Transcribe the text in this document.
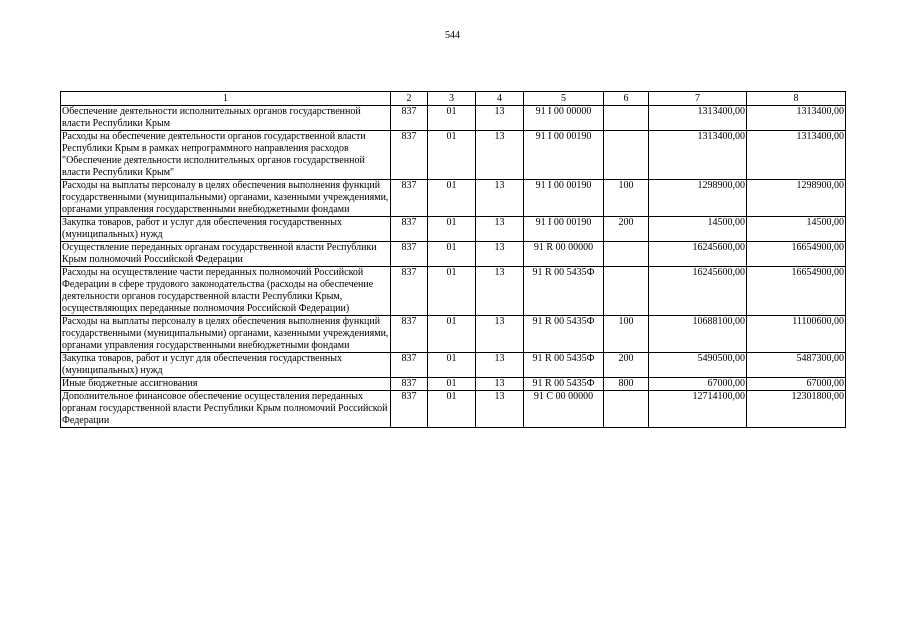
544
1	2	3	4	5	6	7	8
Обеспечение деятельности исполнительных органов государственной власти Республики Крым	837	01	13	91 I 00 00000		1313400,00	1313400,00
Расходы на обеспечение деятельности органов государственной власти Республики Крым в рамках непрограммного направления расходов "Обеспечение деятельности исполнительных органов государственной власти Республики Крым"	837	01	13	91 I 00 00190		1313400,00	1313400,00
Расходы на выплаты персоналу в целях обеспечения выполнения функций государственными (муниципальными) органами, казенными учреждениями, органами управления государственными внебюджетными фондами	837	01	13	91 I 00 00190	100	1298900,00	1298900,00
Закупка товаров, работ и услуг для обеспечения государственных (муниципальных) нужд	837	01	13	91 I 00 00190	200	14500,00	14500,00
Осуществление переданных органам государственной власти Республики Крым полномочий Российской Федерации	837	01	13	91 R 00 00000		16245600,00	16654900,00
Расходы на осуществление части переданных полномочий Российской Федерации в сфере трудового законодательства (расходы на обеспечение деятельности органов государственной власти Республики Крым, осуществляющих переданные полномочия Российской Федерации)	837	01	13	91 R 00 5435Ф		16245600,00	16654900,00
Расходы на выплаты персоналу в целях обеспечения выполнения функций государственными (муниципальными) органами, казенными учреждениями, органами управления государственными внебюджетными фондами	837	01	13	91 R 00 5435Ф	100	10688100,00	11100600,00
Закупка товаров, работ и услуг для обеспечения государственных (муниципальных) нужд	837	01	13	91 R 00 5435Ф	200	5490500,00	5487300,00
Иные бюджетные ассигнования	837	01	13	91 R 00 5435Ф	800	67000,00	67000,00
Дополнительное финансовое обеспечение осуществления переданных органам государственной власти Республики Крым полномочий Российской Федерации	837	01	13	91 C 00 00000		12714100,00	12301800,00
